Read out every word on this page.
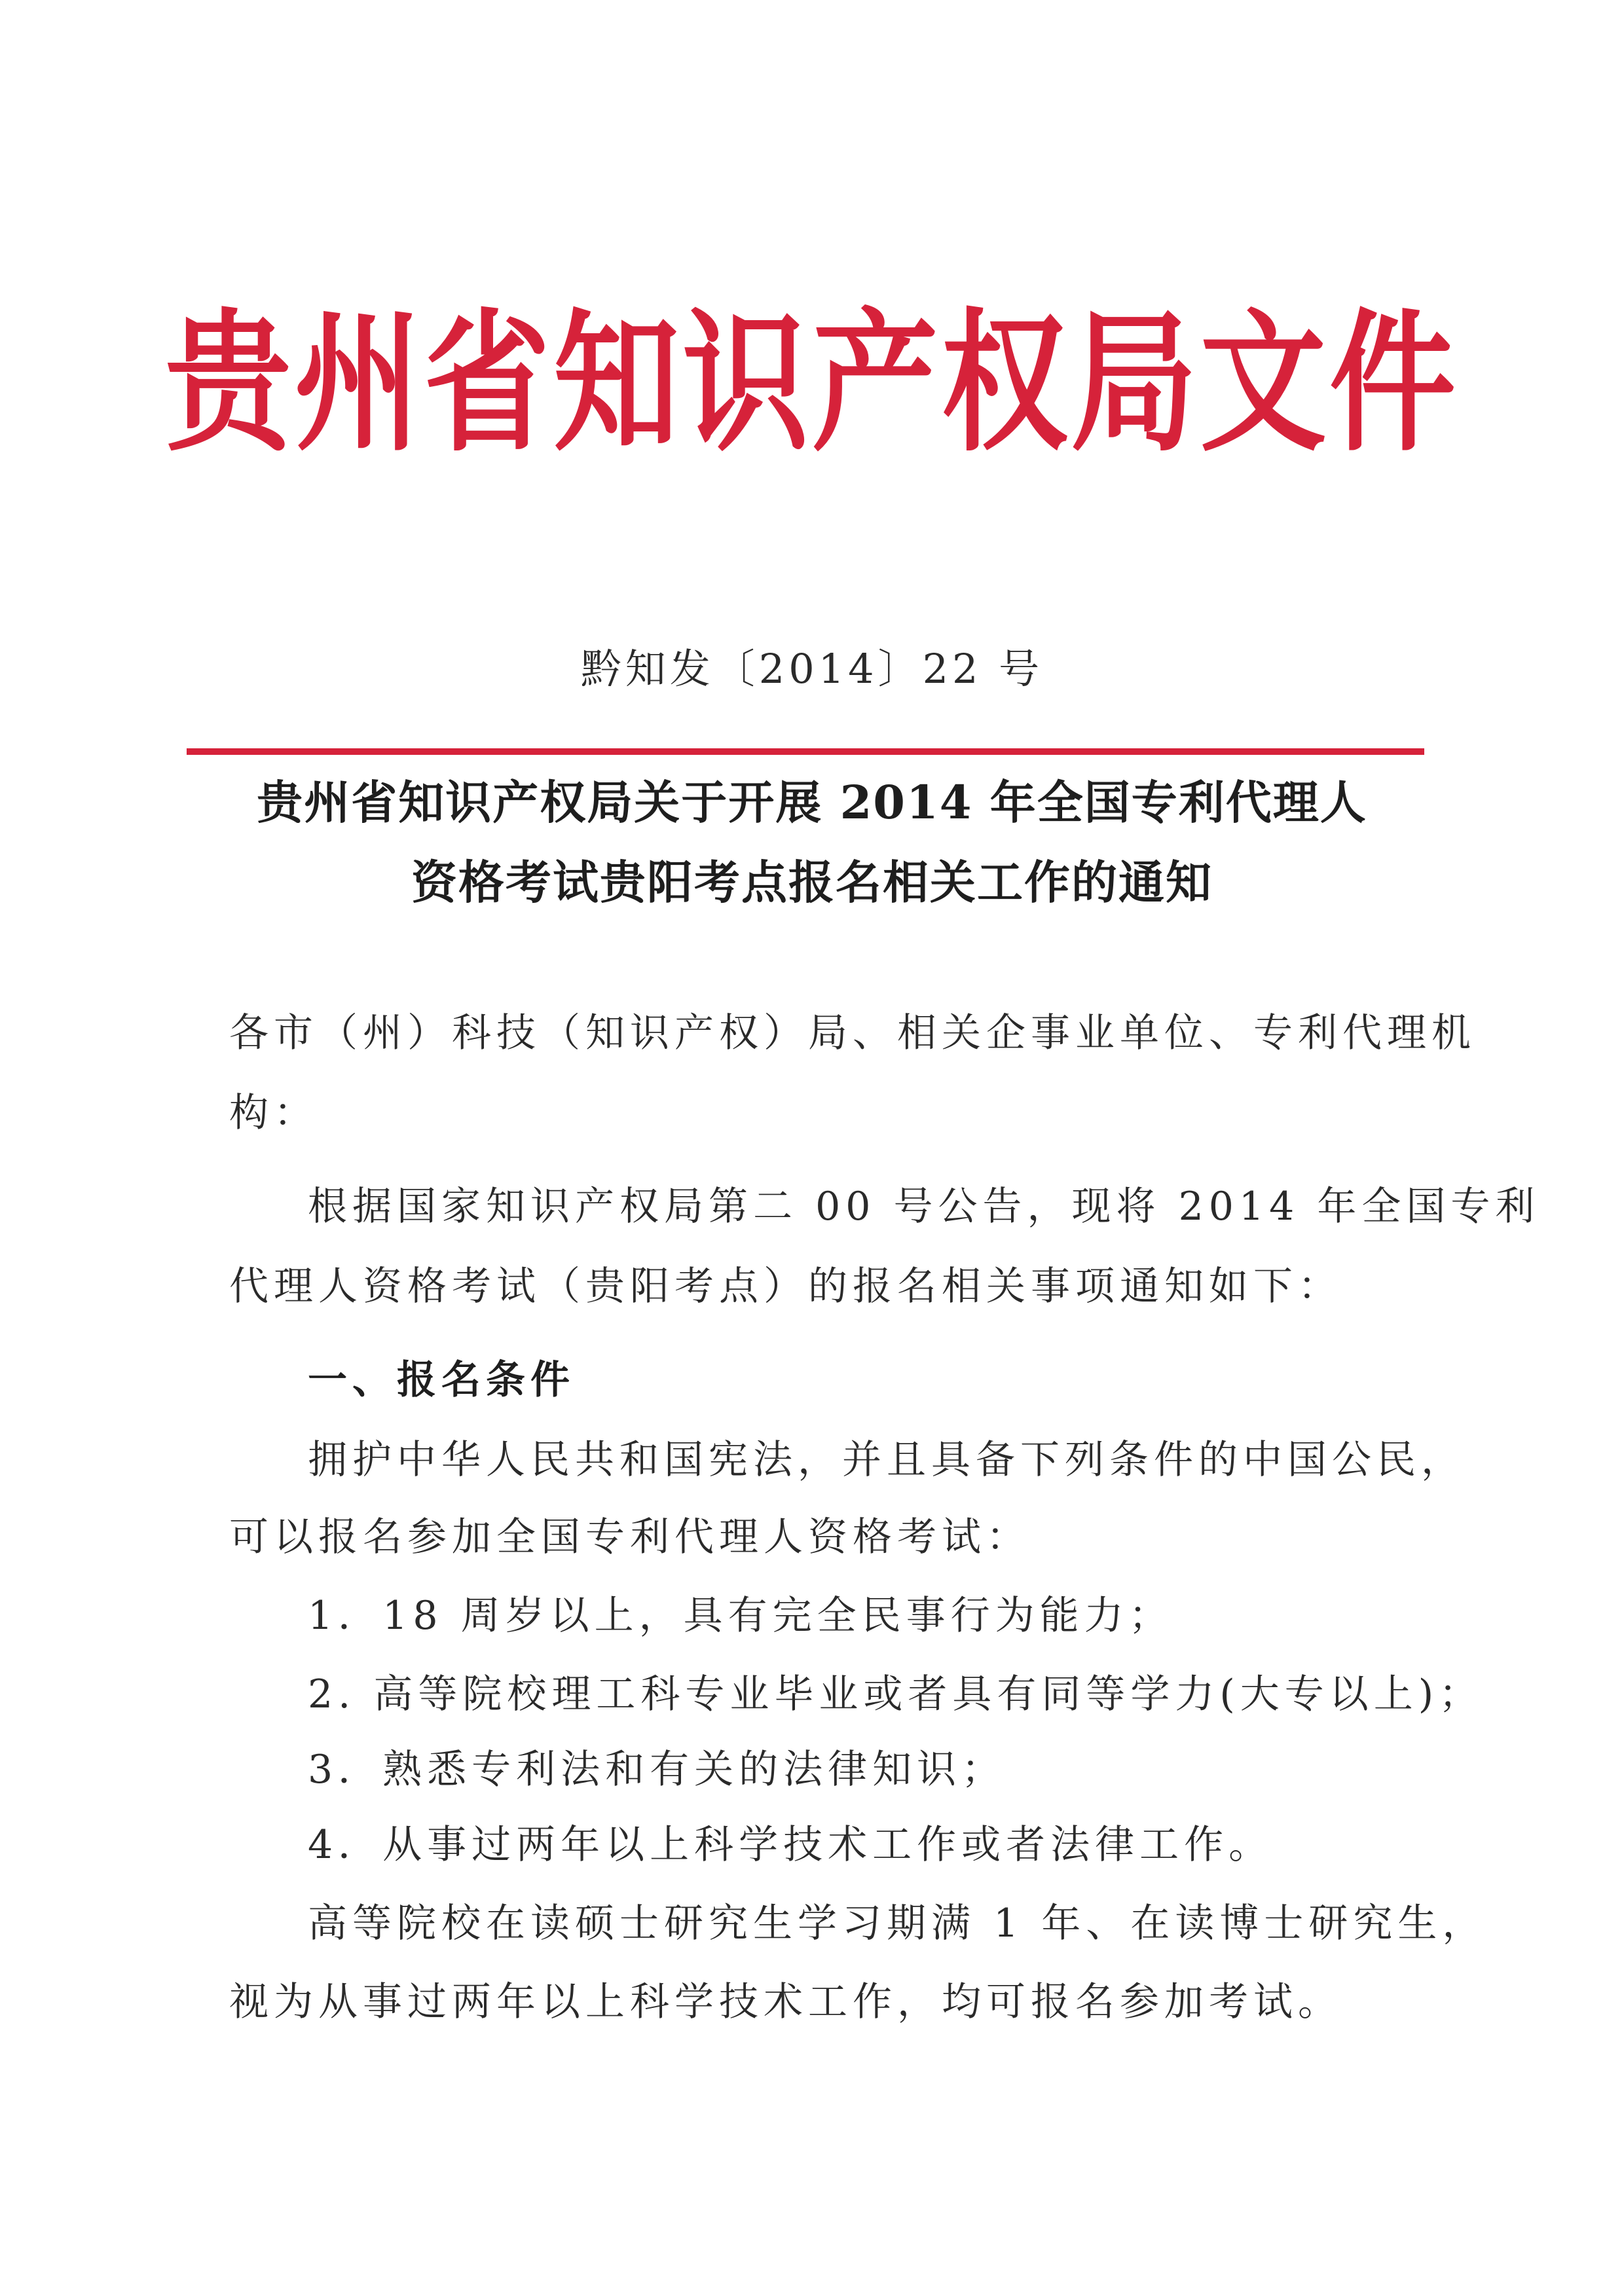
贵州省知识产权局文件
黔知发〔2014〕22 号
贵州省知识产权局关于开展 2014 年全国专利代理人
资格考试贵阳考点报名相关工作的通知
各市（州）科技（知识产权）局、相关企事业单位、专利代理机
构：
根据国家知识产权局第二 00 号公告，现将 2014 年全国专利
代理人资格考试（贵阳考点）的报名相关事项通知如下：
一、报名条件
拥护中华人民共和国宪法，并且具备下列条件的中国公民，
可以报名参加全国专利代理人资格考试：
1．18 周岁以上，具有完全民事行为能力；
2. 高等院校理工科专业毕业或者具有同等学力(大专以上)；
3．熟悉专利法和有关的法律知识；
4．从事过两年以上科学技术工作或者法律工作。
高等院校在读硕士研究生学习期满 1 年、在读博士研究生，
视为从事过两年以上科学技术工作，均可报名参加考试。
